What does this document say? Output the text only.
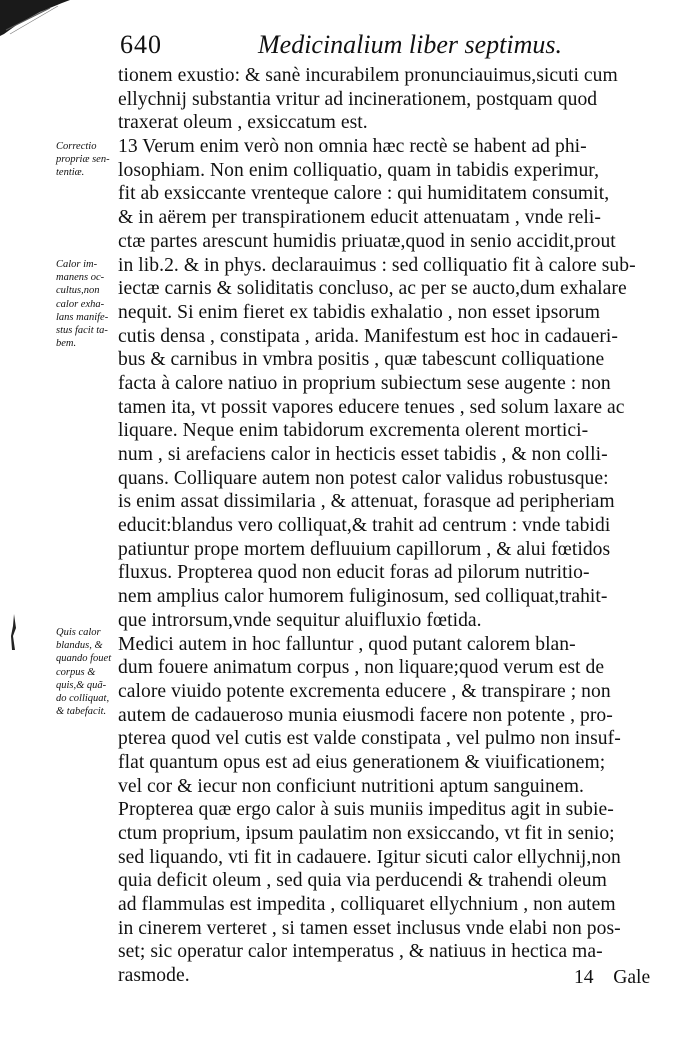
640	Medicinalium liber septimus.
tionem exustio: & sanè incurabilem pronunciauimus,sicuti cum
ellychnij substantia vritur ad incinerationem, postquam quod
traxerat oleum , exsiccatum est.
13 Verum enim verò non omnia hæc rectè se habent ad phi-
losophiam. Non enim colliquatio, quam in tabidis experimur,
fit ab exsiccante vrenteque calore : qui humiditatem consumit,
& in aërem per transpirationem educit attenuatam , vnde reli-
ctæ partes arescunt humidis priuatæ,quod in senio accidit,prout
in lib.2. & in phys. declarauimus : sed colliquatio fit à calore sub-
iectæ carnis & soliditatis concluso, ac per se aucto,dum exhalare
nequit. Si enim fieret ex tabidis exhalatio , non esset ipsorum
cutis densa , constipata , arida. Manifestum est hoc in cadaueri-
bus & carnibus in vmbra positis , quæ tabescunt colliquatione
facta à calore natiuo in proprium subiectum sese augente : non
tamen ita, vt possit vapores educere tenues , sed solum laxare ac
liquare. Neque enim tabidorum excrementa olerent mortici-
num , si arefaciens calor in hecticis esset tabidis , & non colli-
quans. Colliquare autem non potest calor validus robustusque:
is enim assat dissimilaria , & attenuat, forasque ad peripheriam
educit:blandus vero colliquat,& trahit ad centrum : vnde tabidi
patiuntur prope mortem defluuium capillorum , & alui fœtidos
fluxus. Propterea quod non educit foras ad pilorum nutritio-
nem amplius calor humorem fuliginosum, sed colliquat,trahit-
que introrsum,vnde sequitur aluifluxio fœtida.
Medici autem in hoc falluntur , quod putant calorem blan-
dum fouere animatum corpus , non liquare;quod verum est de
calore viuido potente excrementa educere , & transpirare ; non
autem de cadaueroso munia eiusmodi facere non potente , pro-
pterea quod vel cutis est valde constipata , vel pulmo non insuf-
flat quantum opus est ad eius generationem & viuificationem;
vel cor & iecur non conficiunt nutritioni aptum sanguinem.
Propterea quæ ergo calor à suis muniis impeditus agit in subie-
ctum proprium, ipsum paulatim non exsiccando, vt fit in senio;
sed liquando, vti fit in cadauere. Igitur sicuti calor ellychnij,non
quia deficit oleum , sed quia via perducendi & trahendi oleum
ad flammulas est impedita , colliquaret ellychnium , non autem
in cinerem verteret , si tamen esset inclusus vnde elabi non pos-
set; sic operatur calor intemperatus , & natiuus in hectica ma-
rasmode.
Correctio
propriæ sen-
tentiæ.
Calor im-
manens oc-
cultus,non
calor exha-
lans manife-
stus facit ta-
bem.
Quis calor
blandus, &
quando fouet
corpus &
quis,& quã-
do colliquat,
& tabefacit.
14 Gale
